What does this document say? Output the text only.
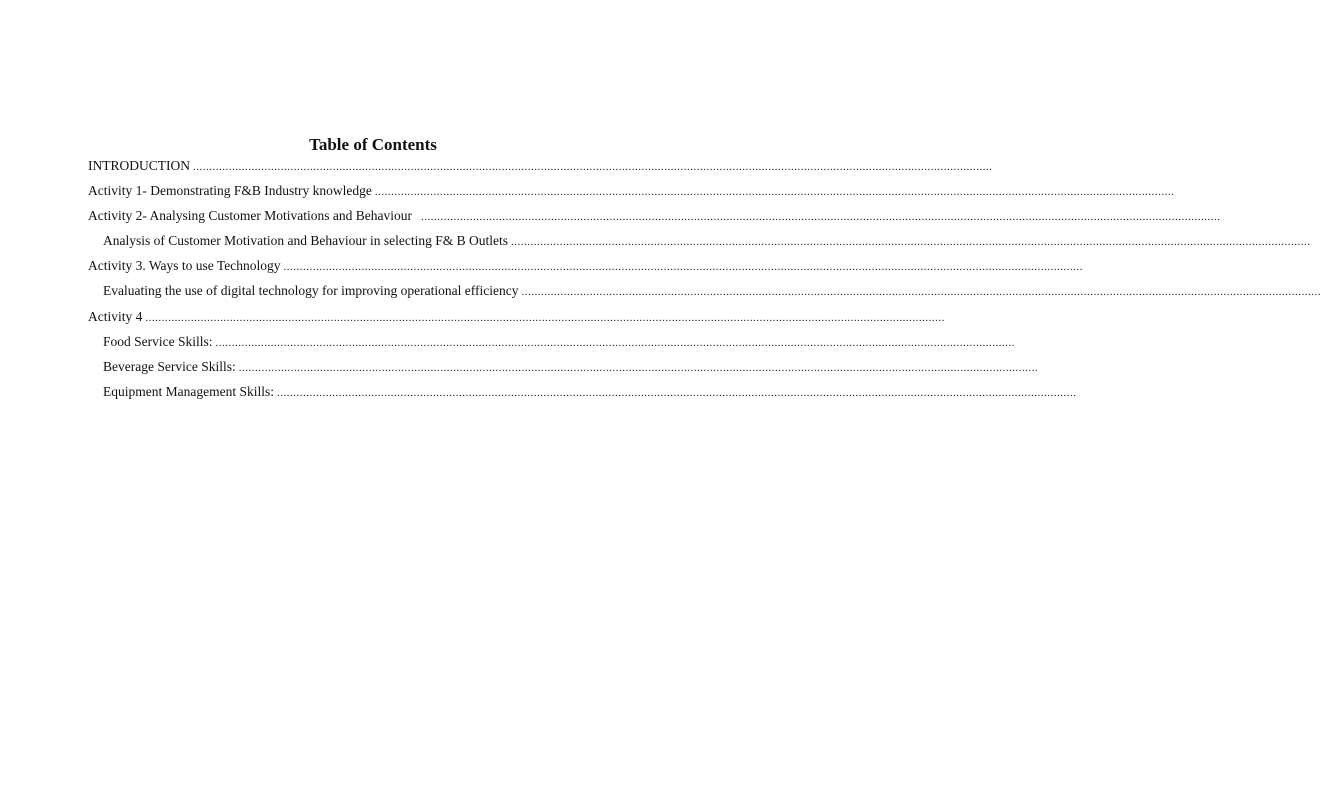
Table of Contents
INTRODUCTION
.....
Activity 1- Demonstrating F&B Industry knowledge
.....
Activity 2- Analysing Customer Motivations and Behaviour
.....
Analysis of Customer Motivation and Behaviour in selecting F& B Outlets
.....
Activity 3. Ways to use Technology
.....
Evaluating the use of digital technology for improving operational efficiency
.....
Activity 4
.....
Food Service Skills:
.....
Beverage Service Skills:
.....
Equipment Management Skills:
.....
